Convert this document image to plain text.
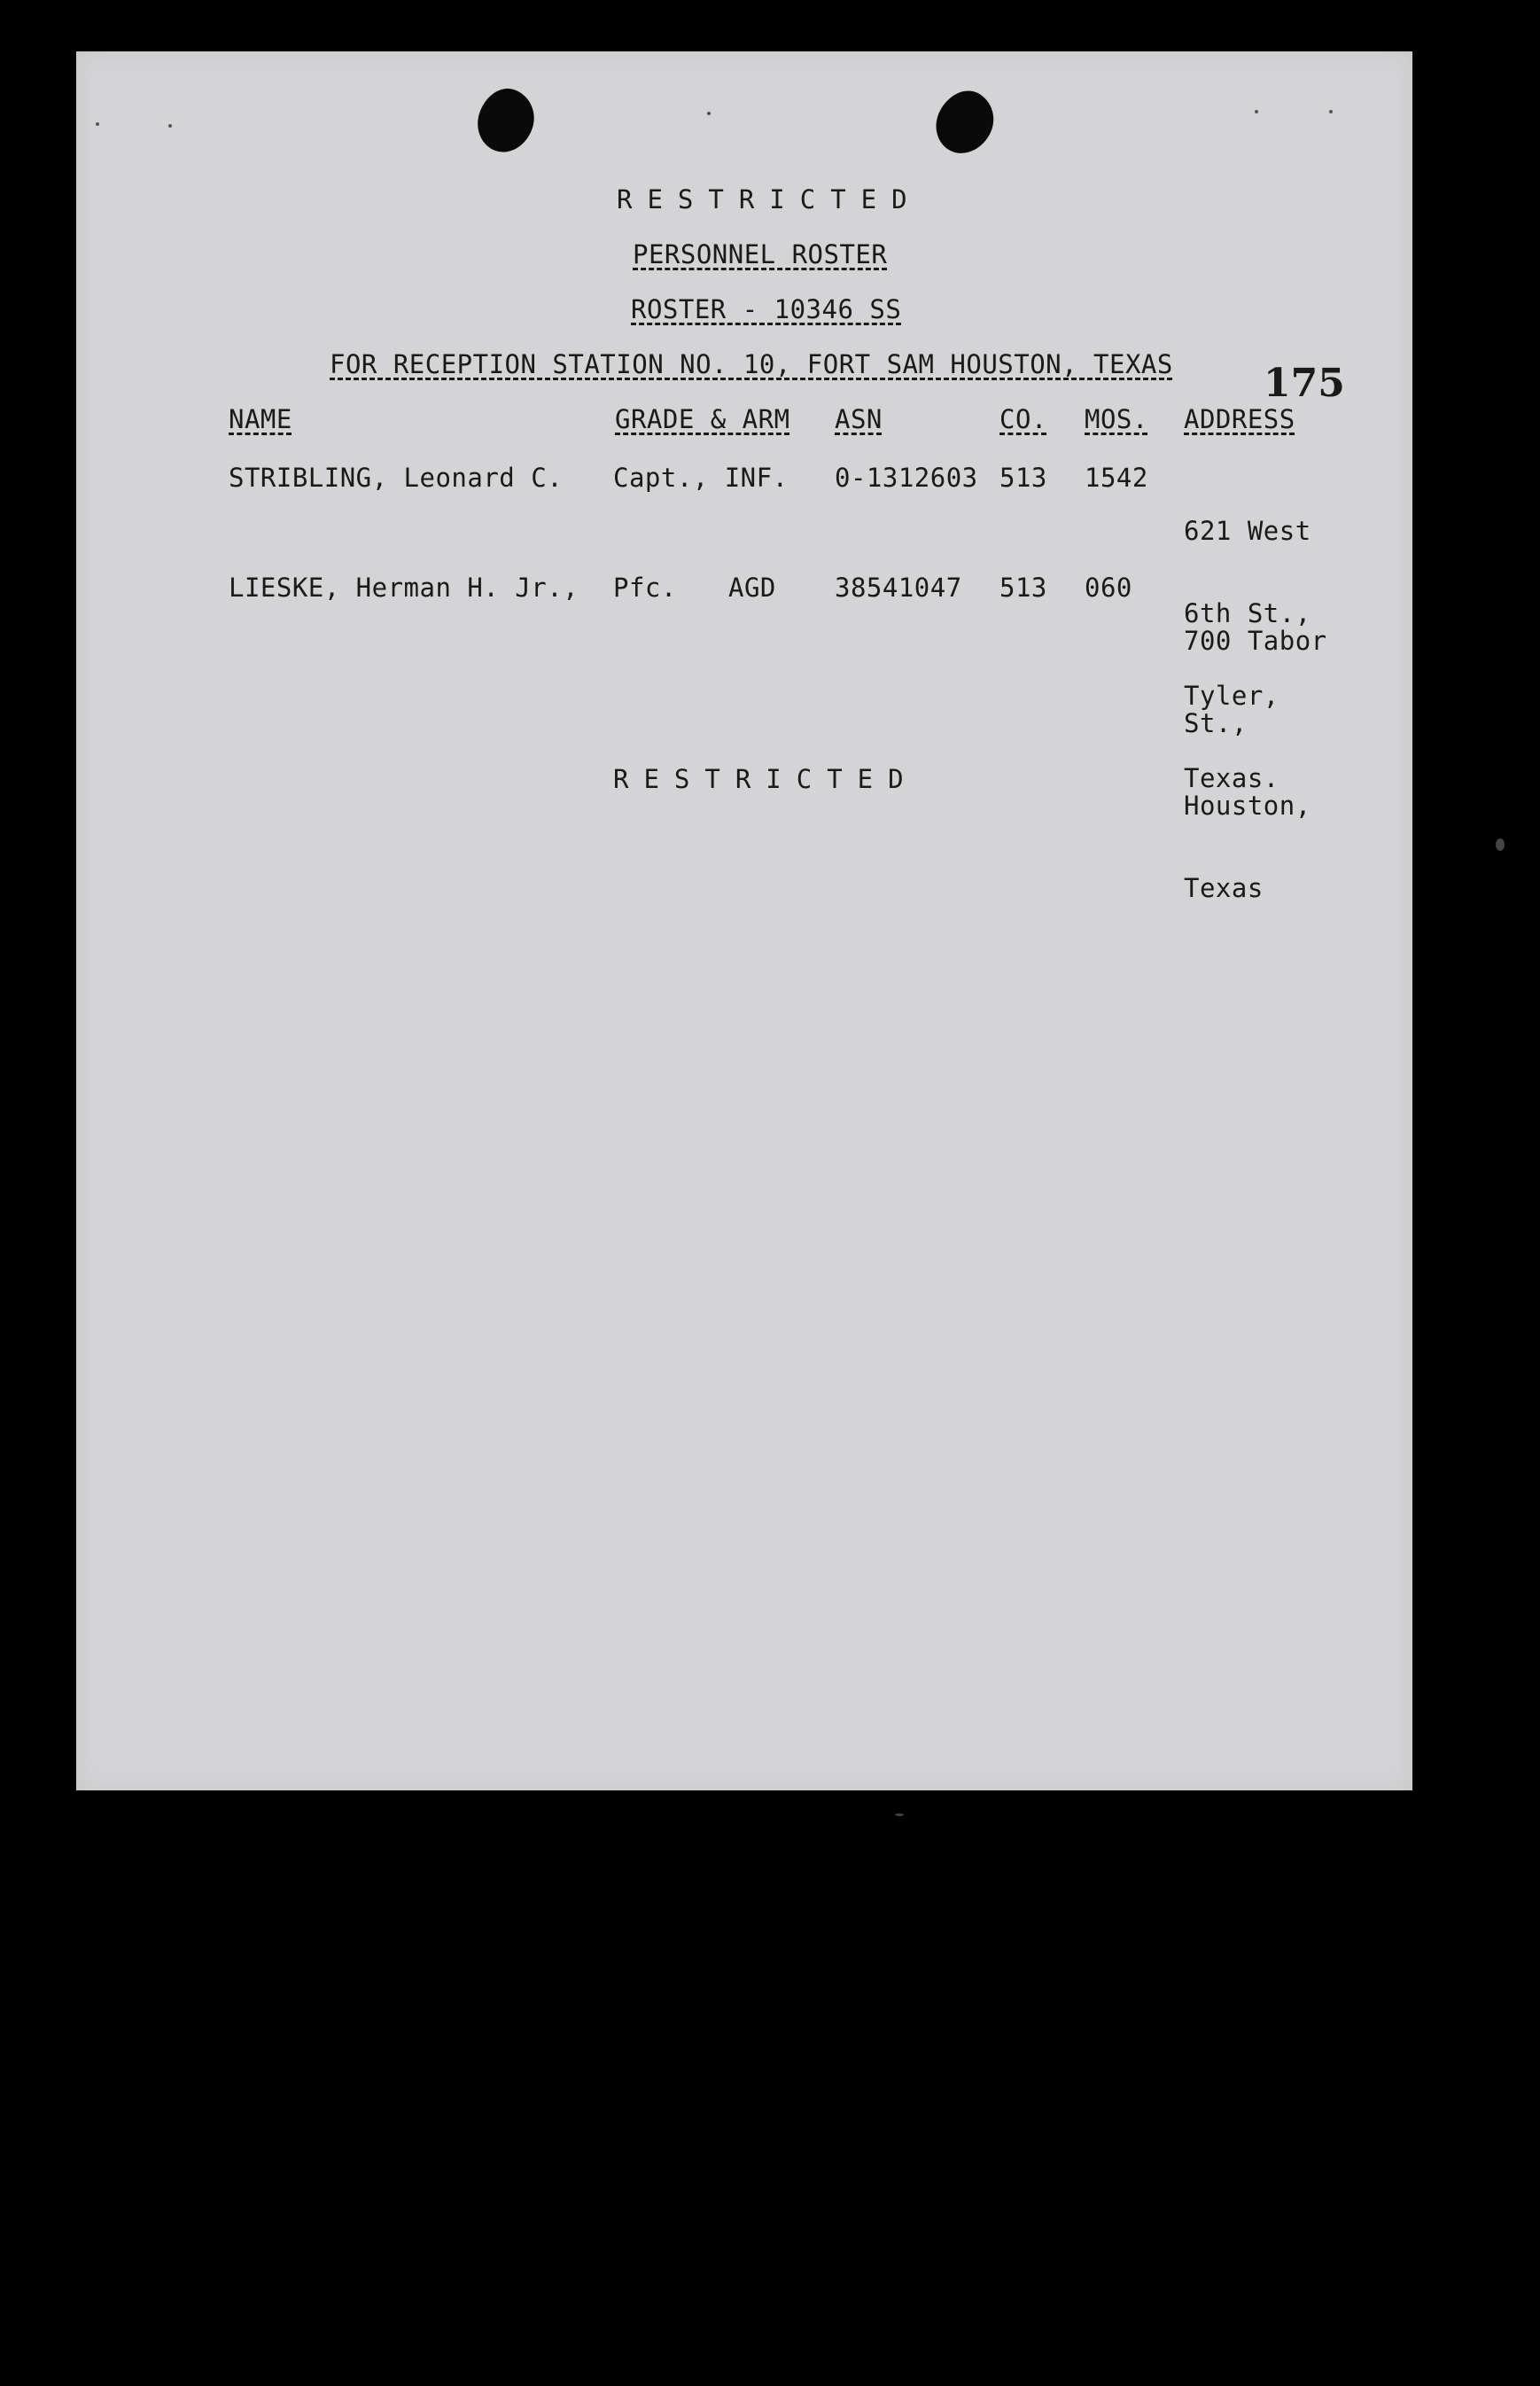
RESTRICTED
PERSONNEL ROSTER
ROSTER - 10346 SS
FOR RECEPTION STATION NO. 10, FORT SAM HOUSTON, TEXAS 175
NAME	GRADE & ARM ASN	CO. MOS. ADDRESS
STRIBLING, Leonard C. Capt., INF. 0-1312603 513 1542

621 West

6th St.,

Tyler,

Texas.

LIESKE, Herman H. Jr., Pfc. AGD 38541047 513 060

700 Tabor

St.,

Houston,

Texas

RESTRICTED
